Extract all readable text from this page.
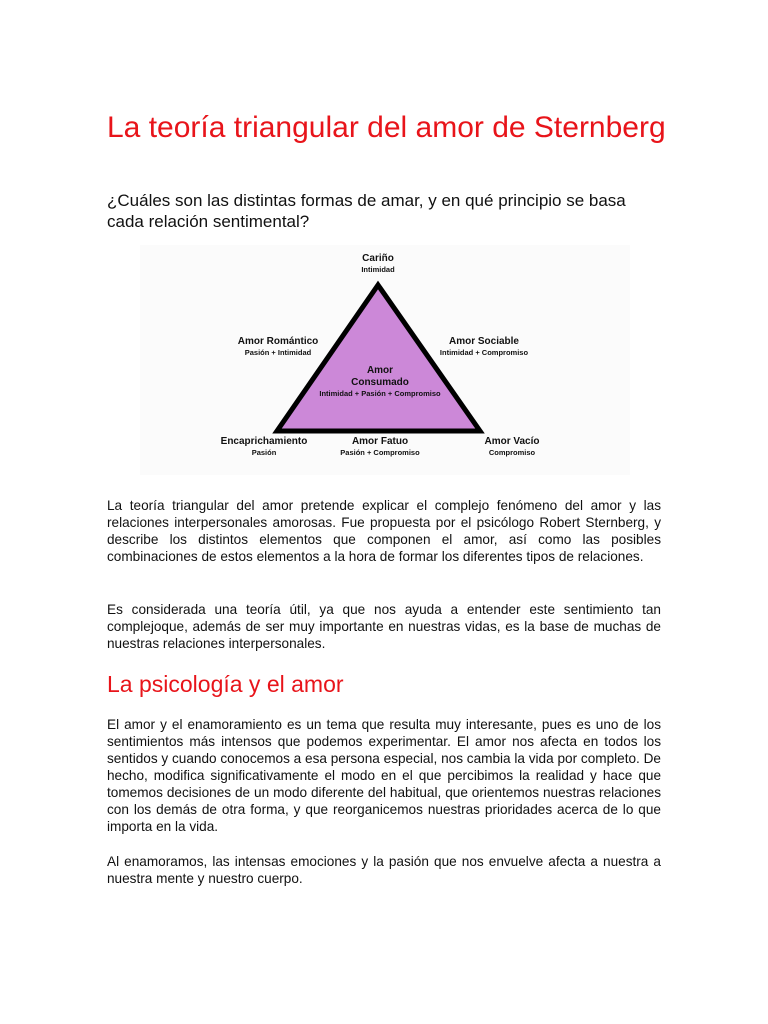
La teoría triangular del amor de Sternberg

¿Cuáles son las distintas formas de amar, y en qué principio se basa cada relación sentimental?

Cariño
Intimidad
Amor Romántico
Pasión + Intimidad
Amor Sociable
Intimidad + Compromiso
Amor
Consumado
Intimidad + Pasión + Compromiso
Encaprichamiento
Pasión
Amor Fatuo
Pasión + Compromiso
Amor Vacío
Compromiso

La teoría triangular del amor pretende explicar el complejo fenómeno del amor y las relaciones interpersonales amorosas. Fue propuesta por el psicólogo Robert Sternberg, y describe los distintos elementos que componen el amor, así como las posibles combinaciones de estos elementos a la hora de formar los diferentes tipos de relaciones.

Es considerada una teoría útil, ya que nos ayuda a entender este sentimiento tan complejoque, además de ser muy importante en nuestras vidas, es la base de muchas de nuestras relaciones interpersonales.

La psicología y el amor

El amor y el enamoramiento es un tema que resulta muy interesante, pues es uno de los sentimientos más intensos que podemos experimentar. El amor nos afecta en todos los sentidos y cuando conocemos a esa persona especial, nos cambia la vida por completo. De hecho, modifica significativamente el modo en el que percibimos la realidad y hace que tomemos decisiones de un modo diferente del habitual, que orientemos nuestras relaciones con los demás de otra forma, y que reorganicemos nuestras prioridades acerca de lo que importa en la vida.

Al enamoramos, las intensas emociones y la pasión que nos envuelve afecta a nuestra a nuestra mente y nuestro cuerpo.
